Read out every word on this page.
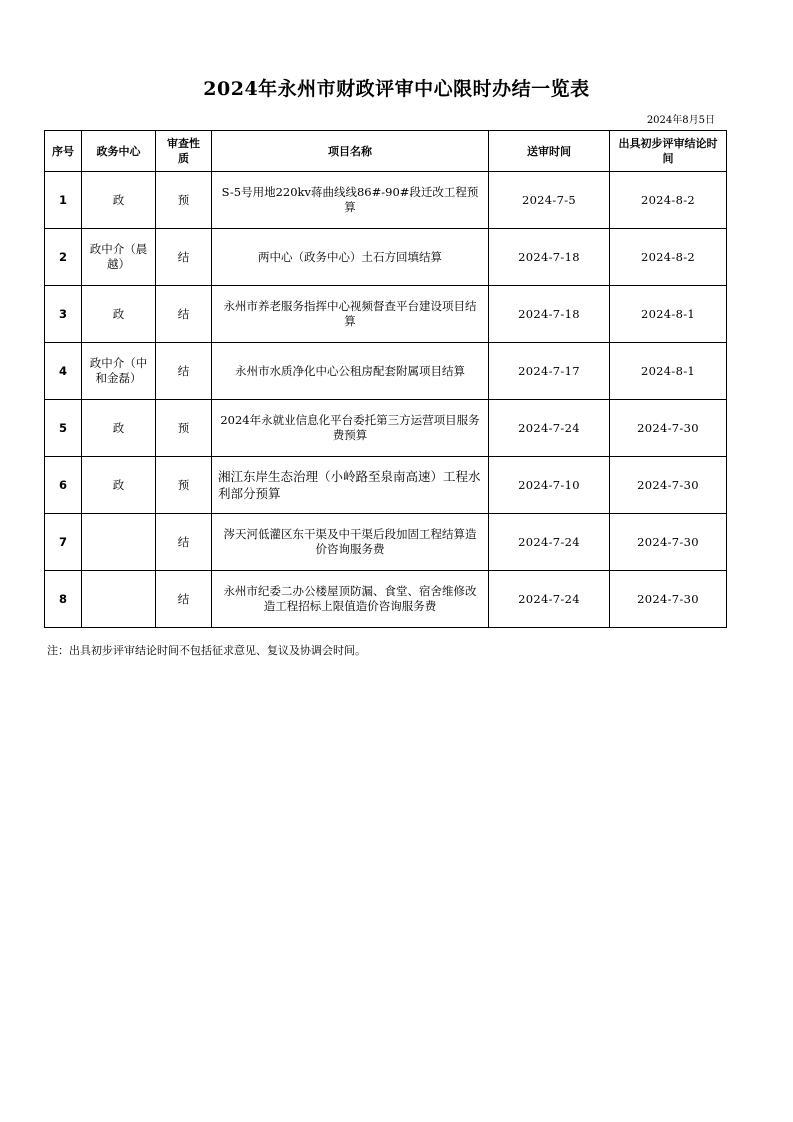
2024年永州市财政评审中心限时办结一览表
2024年8月5日
序号	政务中心	审查性质	项目名称	送审时间	出具初步评审结论时间
1	政	预	S-5号用地220kv蒋曲线线86#-90#段迁改工程预算	2024-7-5	2024-8-2
2	政中介（晨越）	结	两中心（政务中心）土石方回填结算	2024-7-18	2024-8-2
3	政	结	永州市养老服务指挥中心视频督查平台建设项目结算	2024-7-18	2024-8-1
4	政中介（中和金磊）	结	永州市水质净化中心公租房配套附属项目结算	2024-7-17	2024-8-1
5	政	预	2024年永就业信息化平台委托第三方运营项目服务费预算	2024-7-24	2024-7-30
6	政	预	湘江东岸生态治理（小岭路至泉南高速）工程水利部分预算	2024-7-10	2024-7-30
7		结	涔天河低灌区东干渠及中干渠后段加固工程结算造价咨询服务费	2024-7-24	2024-7-30
8		结	永州市纪委二办公楼屋顶防漏、食堂、宿舍维修改造工程招标上限值造价咨询服务费	2024-7-24	2024-7-30
注：出具初步评审结论时间不包括征求意见、复议及协调会时间。
